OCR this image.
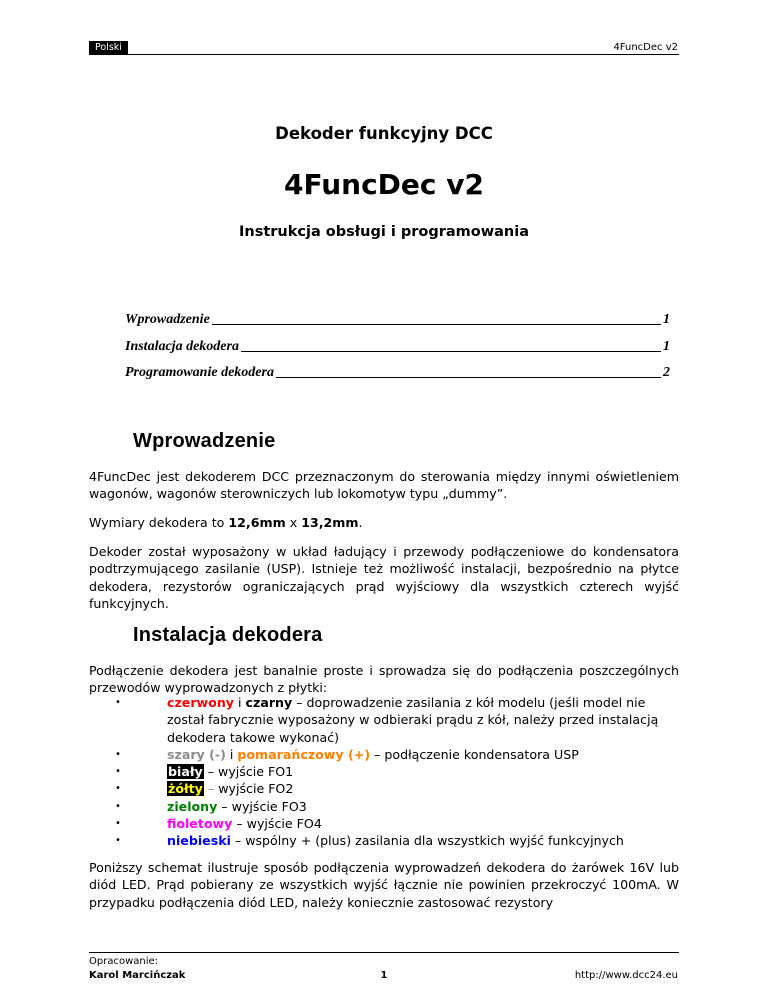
Polski	4FuncDec v2
Dekoder funkcyjny DCC
4FuncDec v2
Instrukcja obsługi i programowania
Wprowadzenie	1
Instalacja dekodera	1
Programowanie dekodera	2
Wprowadzenie

4FuncDec jest dekoderem DCC przeznaczonym do sterowania między innymi oświetleniem wagonów, wagonów sterowniczych lub lokomotyw typu „dummy”.

Wymiary dekodera to 12,6mm x 13,2mm.

Dekoder został wyposażony w układ ładujący i przewody podłączeniowe do kondensatora podtrzymującego zasilanie (USP). Istnieje też możliwość instalacji, bezpośrednio na płytce dekodera, rezystorów ograniczających prąd wyjściowy dla wszystkich czterech wyjść funkcyjnych.

Instalacja dekodera

Podłączenie dekodera jest banalnie proste i sprowadza się do podłączenia poszczególnych przewodów wyprowadzonych z płytki:

•	czerwony i czarny – doprowadzenie zasilania z kół modelu (jeśli model nie został fabrycznie wyposażony w odbieraki prądu z kół, należy przed instalacją dekodera takowe wykonać)
•	szary (-) i pomarańczowy (+) – podłączenie kondensatora USP
•	biały – wyjście FO1
•	żółty – wyjście FO2
•	zielony – wyjście FO3
•	fioletowy – wyjście FO4
•	niebieski – wspólny + (plus) zasilania dla wszystkich wyjść funkcyjnych

Poniższy schemat ilustruje sposób podłączenia wyprowadzeń dekodera do żarówek 16V lub diód LED. Prąd pobierany ze wszystkich wyjść łącznie nie powinien przekroczyć 100mA. W przypadku podłączenia diód LED, należy koniecznie zastosować rezystory

Opracowanie:
Karol Marcińczak	1	http://www.dcc24.eu
